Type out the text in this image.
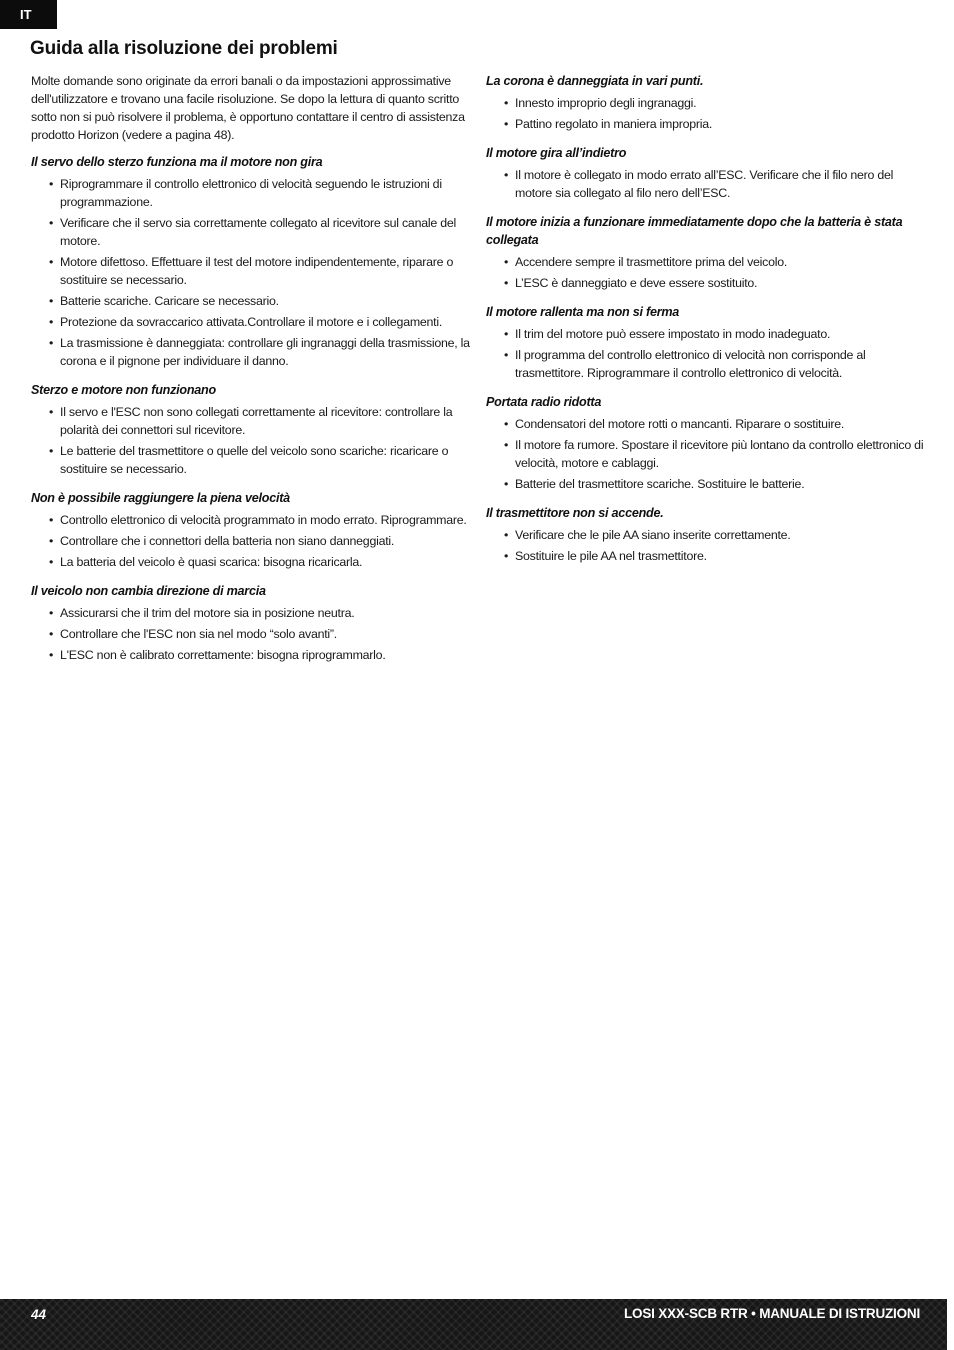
IT
Guida alla risoluzione dei problemi

Molte domande sono originate da errori banali o da impostazioni approssimative dell'utilizzatore e trovano una facile risoluzione. Se dopo la lettura di quanto scritto sotto non si può risolvere il problema, è opportuno contattare il centro di assistenza prodotto Horizon (vedere a pagina 48).

Il servo dello sterzo funziona ma il motore non gira

• Riprogrammare il controllo elettronico di velocità seguendo le istruzioni di programmazione.
• Verificare che il servo sia correttamente collegato al ricevitore sul canale del motore.
• Motore difettoso. Effettuare il test del motore indipendentemente, riparare o sostituire se necessario.
• Batterie scariche. Caricare se necessario.
• Protezione da sovraccarico attivata.Controllare il motore e i collegamenti.
• La trasmissione è danneggiata: controllare gli ingranaggi della trasmissione, la corona e il pignone per individuare il danno.

Sterzo e motore non funzionano

• Il servo e l'ESC non sono collegati correttamente al ricevitore: controllare la polarità dei connettori sul ricevitore.
• Le batterie del trasmettitore o quelle del veicolo sono scariche: ricaricare o sostituire se necessario.

Non è possibile raggiungere la piena velocità

• Controllo elettronico di velocità programmato in modo errato. Riprogrammare.
• Controllare che i connettori della batteria non siano danneggiati.
• La batteria del veicolo è quasi scarica: bisogna ricaricarla.

Il veicolo non cambia direzione di marcia

• Assicurarsi che il trim del motore sia in posizione neutra.
• Controllare che l'ESC non sia nel modo “solo avanti”.
• L'ESC non è calibrato correttamente: bisogna riprogrammarlo.

La corona è danneggiata in vari punti.

• Innesto improprio degli ingranaggi.
• Pattino regolato in maniera impropria.

Il motore gira all’indietro

• Il motore è collegato in modo errato all’ESC. Verificare che il filo nero del motore sia collegato al filo nero dell’ESC.

Il motore inizia a funzionare immediatamente dopo che la batteria è stata collegata

• Accendere sempre il trasmettitore prima del veicolo.
• L’ESC è danneggiato e deve essere sostituito.

Il motore rallenta ma non si ferma

• Il trim del motore può essere impostato in modo inadeguato.
• Il programma del controllo elettronico di velocità non corrisponde al trasmettitore. Riprogrammare il controllo elettronico di velocità.

Portata radio ridotta

• Condensatori del motore rotti o mancanti. Riparare o sostituire.
• Il motore fa rumore. Spostare il ricevitore più lontano da controllo elettronico di velocità, motore e cablaggi.
• Batterie del trasmettitore scariche. Sostituire le batterie.

Il trasmettitore non si accende.

• Verificare che le pile AA siano inserite correttamente.
• Sostituire le pile AA nel trasmettitore.
44	LOSI XXX-SCB RTR • MANUALE DI ISTRUZIONI
